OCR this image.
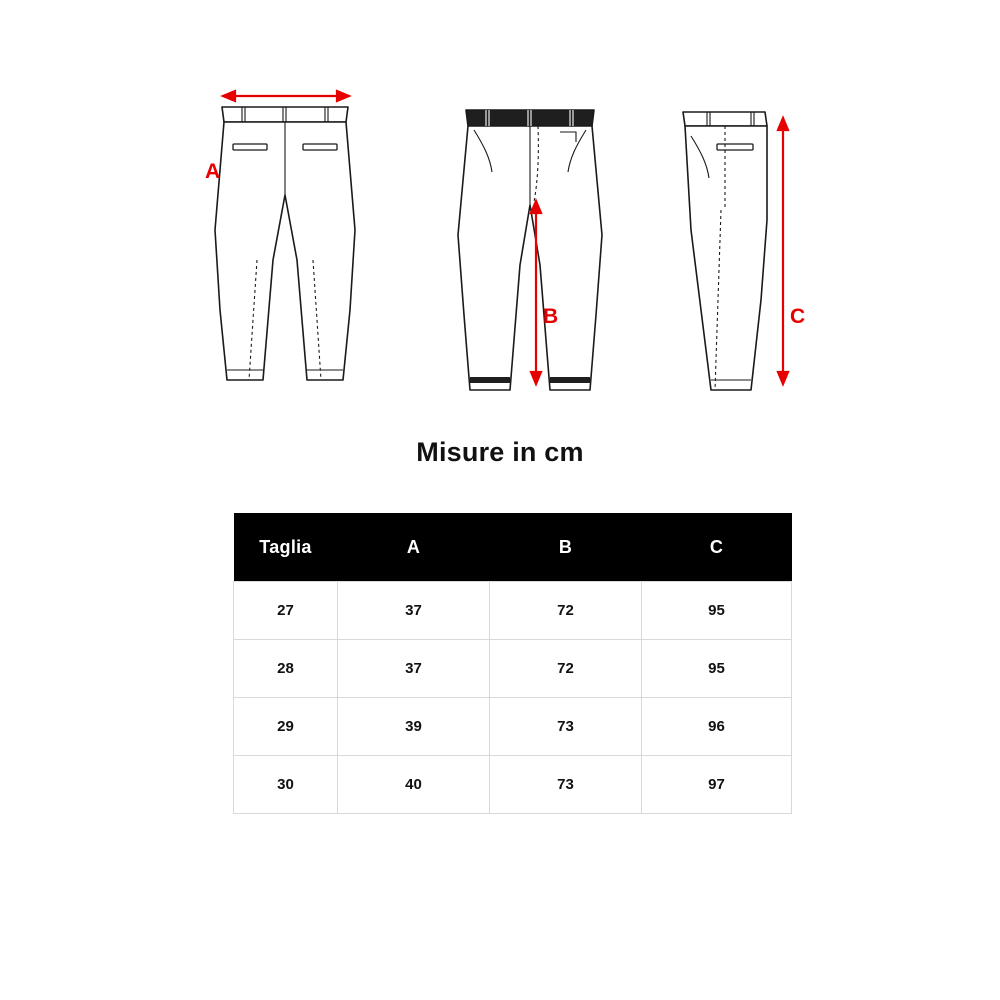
A
B	C
Misure in cm
Taglia	A	B	C
27	37	72	95
28	37	72	95
29	39	73	96
30	40	73	97
